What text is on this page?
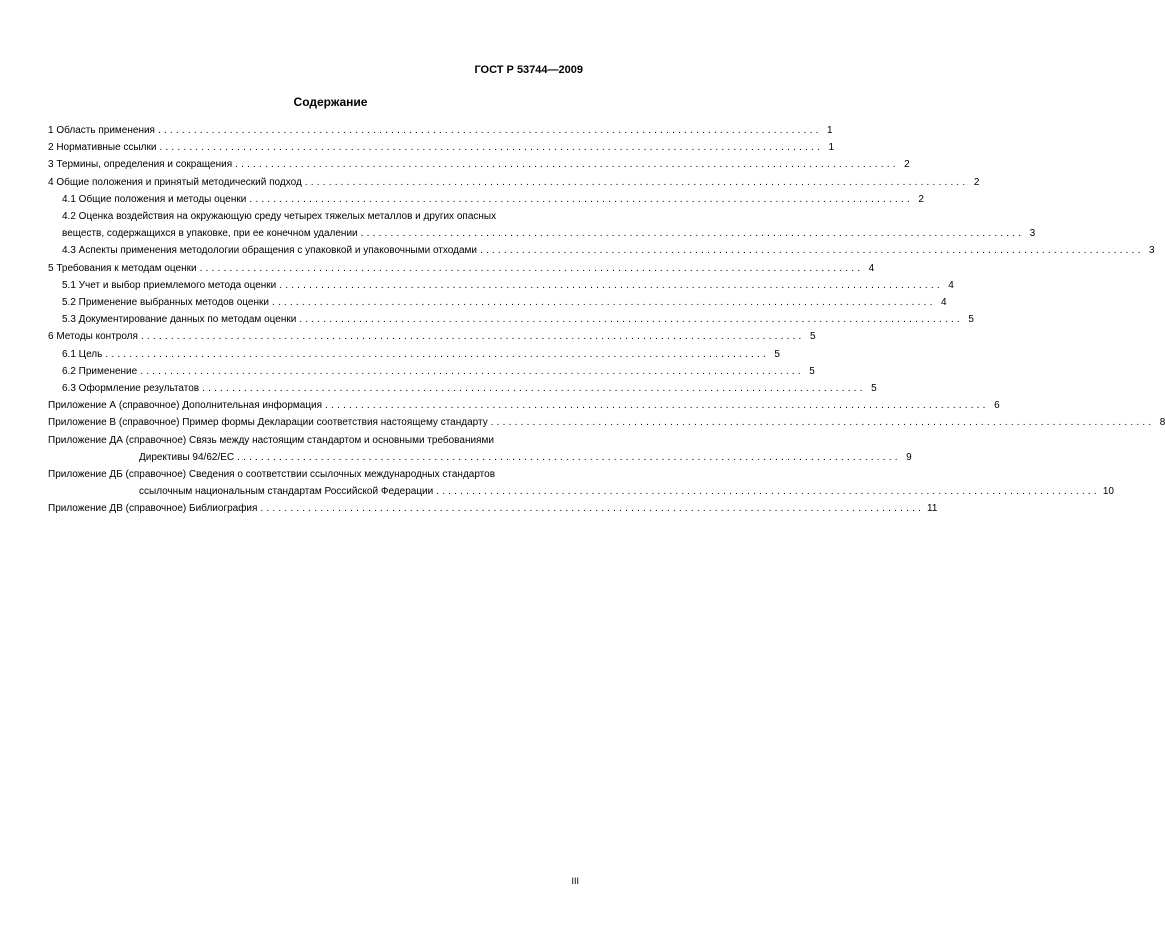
ГОСТ Р 53744—2009
Содержание
1 Область применения ............................................................................................................... 1
2 Нормативные ссылки ............................................................................................................... 1
3 Термины, определения и сокращения ............................................................................................................... 2
4 Общие положения и принятый методический подход ............................................................................................................... 2
4.1 Общие положения и методы оценки ............................................................................................................... 2
4.2 Оценка воздействия на окружающую среду четырех тяжелых металлов и других опасных
веществ, содержащихся в упаковке, при ее конечном удалении ............................................................................................................... 3
4.3 Аспекты применения методологии обращения с упаковкой и упаковочными отходами ............................................................................................................... 3
5 Требования к методам оценки ............................................................................................................... 4
5.1 Учет и выбор приемлемого метода оценки ............................................................................................................... 4
5.2 Применение выбранных методов оценки ............................................................................................................... 4
5.3 Документирование данных по методам оценки ............................................................................................................... 5
6 Методы контроля ............................................................................................................... 5
6.1 Цель ............................................................................................................... 5
6.2 Применение ............................................................................................................... 5
6.3 Оформление результатов ............................................................................................................... 5
Приложение А (справочное) Дополнительная информация ............................................................................................................... 6
Приложение В (справочное) Пример формы Декларации соответствия настоящему стандарту ............................................................................................................... 8
Приложение ДА (справочное) Связь между настоящим стандартом и основными требованиями
Директивы 94/62/ЕС ............................................................................................................... 9
Приложение ДБ (справочное) Сведения о соответствии ссылочных международных стандартов
ссылочным национальным стандартам Российской Федерации ............................................................................................................... 10
Приложение ДВ (справочное) Библиография ............................................................................................................... 11
III
